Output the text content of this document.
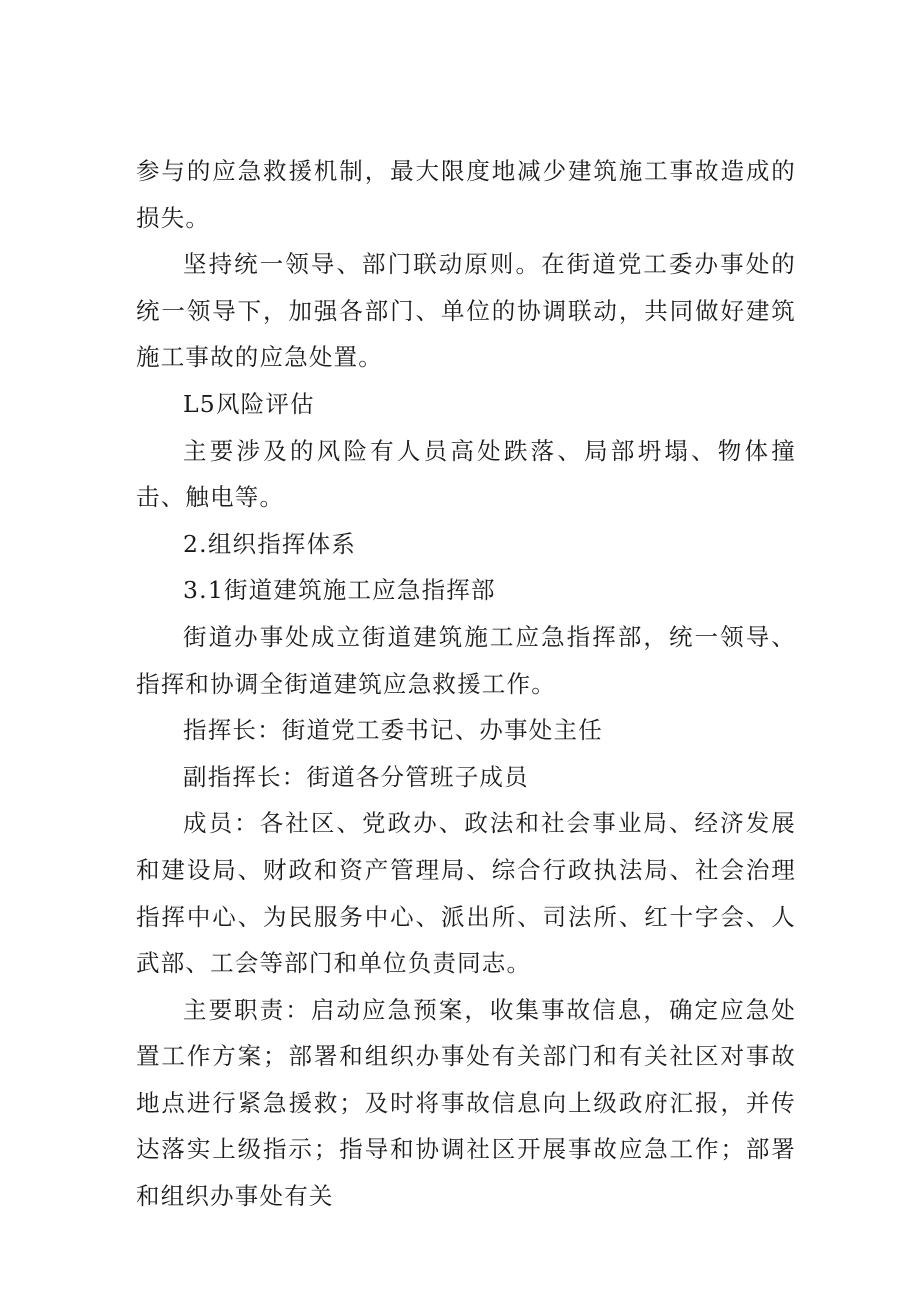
参与的应急救援机制，最大限度地减少建筑施工事故造成的损失。

坚持统一领导、部门联动原则。在街道党工委办事处的统一领导下，加强各部门、单位的协调联动，共同做好建筑施工事故的应急处置。

L5风险评估

主要涉及的风险有人员高处跌落、局部坍塌、物体撞击、触电等。

2.组织指挥体系

3.1街道建筑施工应急指挥部

街道办事处成立街道建筑施工应急指挥部，统一领导、指挥和协调全街道建筑应急救援工作。

指挥长：街道党工委书记、办事处主任

副指挥长：街道各分管班子成员

成员：各社区、党政办、政法和社会事业局、经济发展和建设局、财政和资产管理局、综合行政执法局、社会治理指挥中心、为民服务中心、派出所、司法所、红十字会、人武部、工会等部门和单位负责同志。

主要职责：启动应急预案，收集事故信息，确定应急处置工作方案；部署和组织办事处有关部门和有关社区对事故地点进行紧急援救；及时将事故信息向上级政府汇报，并传达落实上级指示；指导和协调社区开展事故应急工作；部署和组织办事处有关
